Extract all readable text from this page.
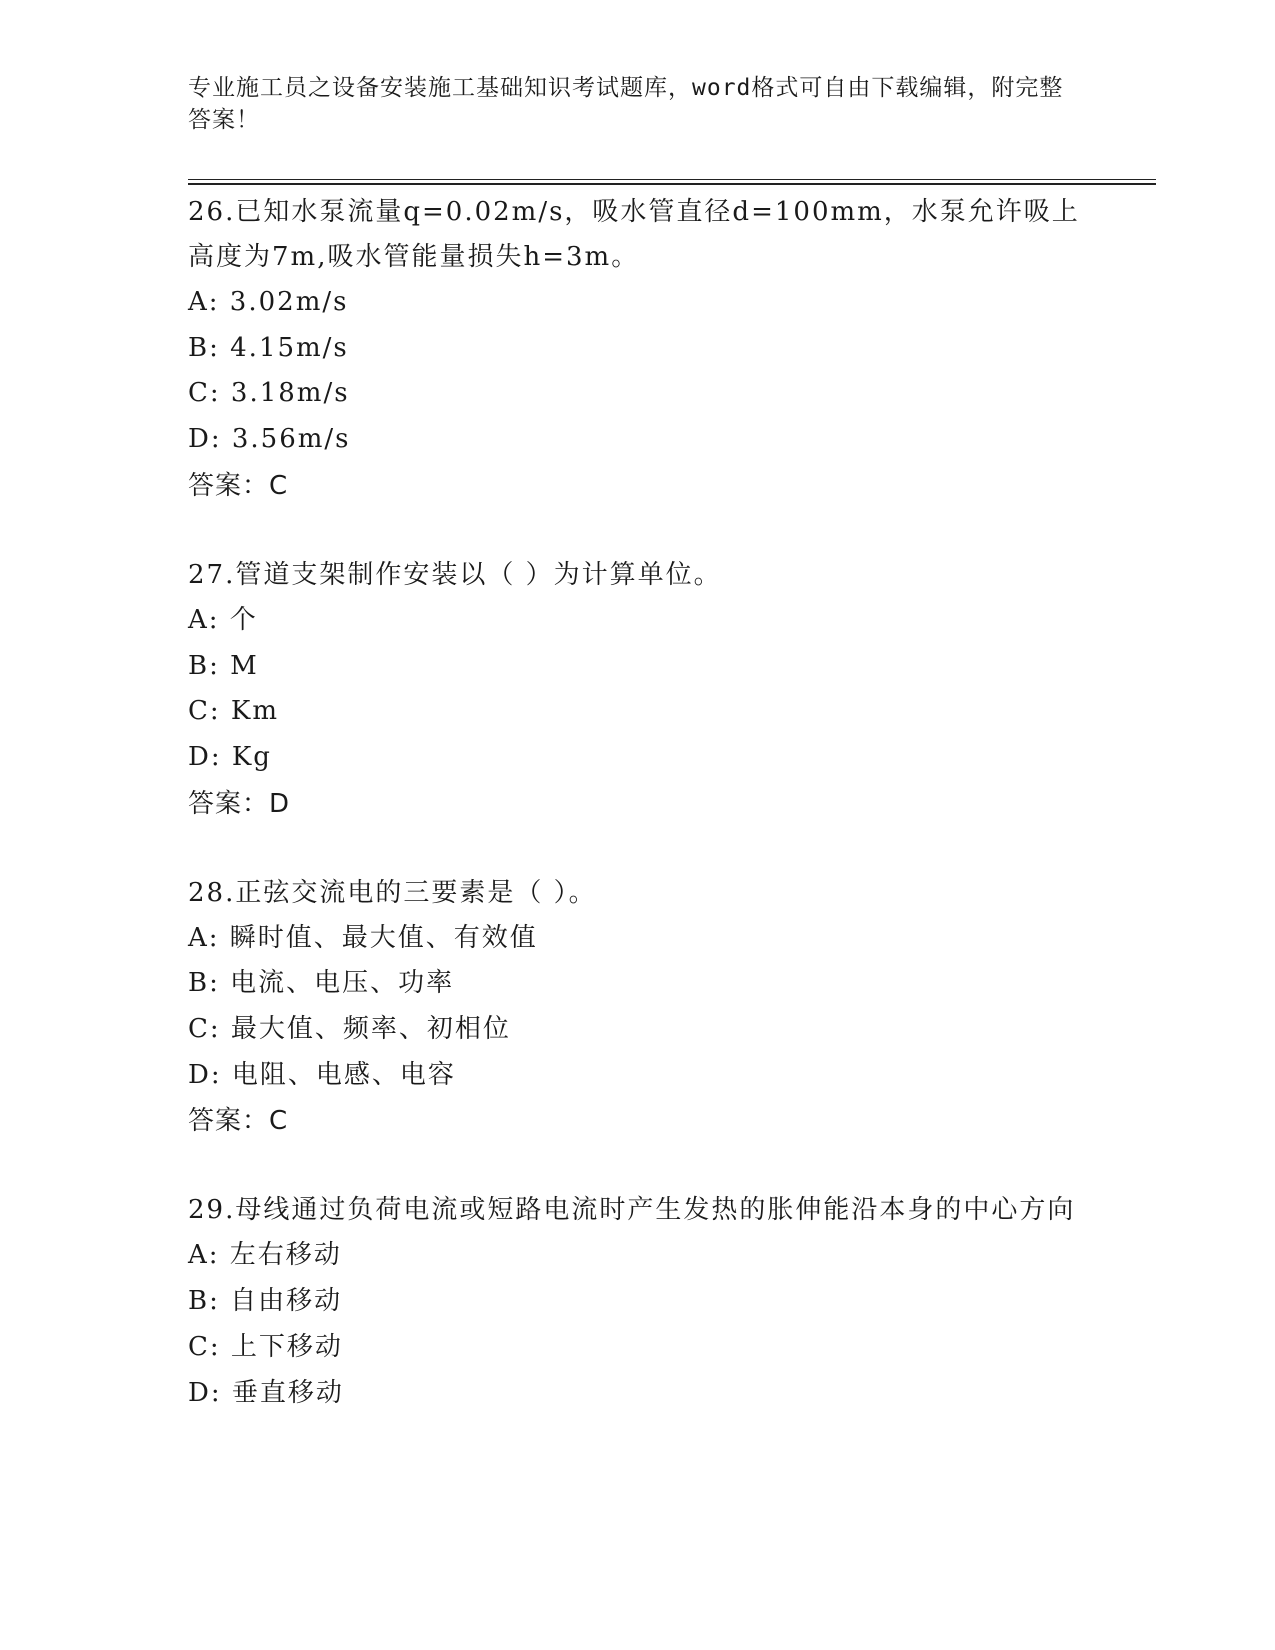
专业施工员之设备安装施工基础知识考试题库，word格式可自由下载编辑，附完整答案！

26.已知水泵流量q=0.02m/s，吸水管直径d=100mm，水泵允许吸上高度为7m,吸水管能量损失h=3m。

A: 3.02m/s

B: 4.15m/s

C: 3.18m/s

D: 3.56m/s

答案：C

27.管道支架制作安装以（ ）为计算单位。

A: 个

B: M

C: Km

D: Kg

答案：D

28.正弦交流电的三要素是（ ）。

A: 瞬时值、最大值、有效值

B: 电流、电压、功率

C: 最大值、频率、初相位

D: 电阻、电感、电容

答案：C

29.母线通过负荷电流或短路电流时产生发热的胀伸能沿本身的中心方向

A: 左右移动

B: 自由移动

C: 上下移动

D: 垂直移动
